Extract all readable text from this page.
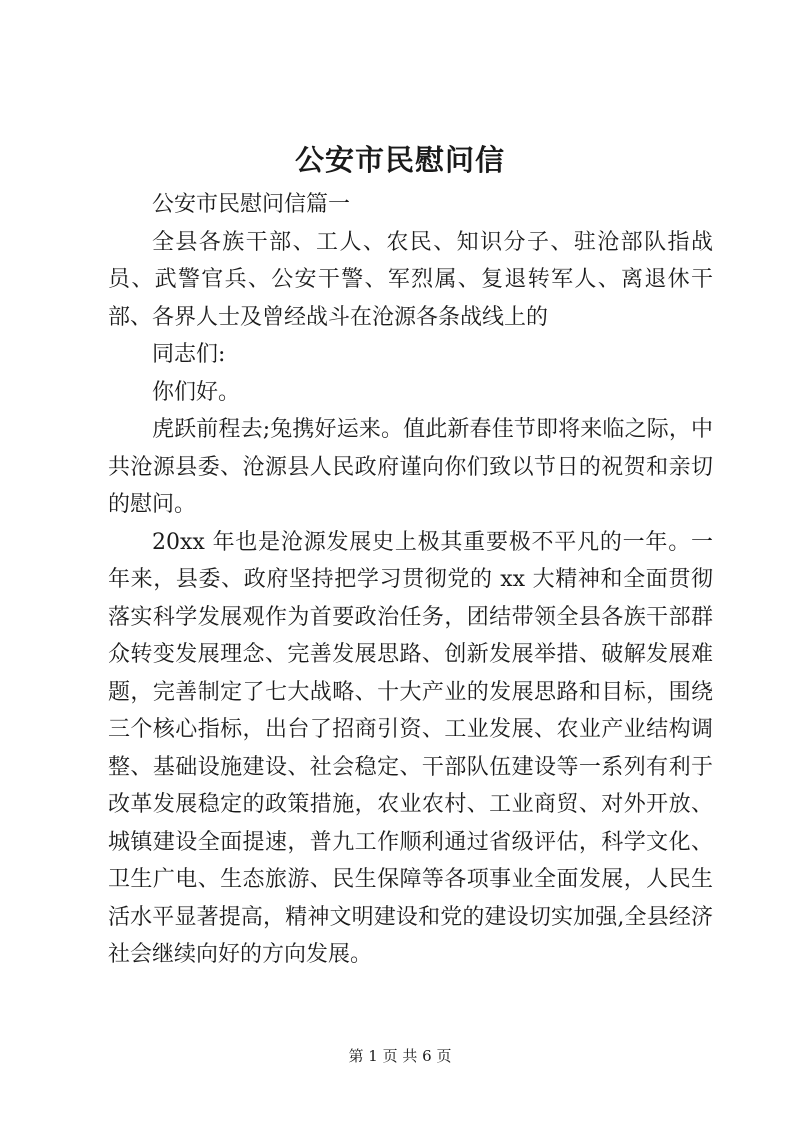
公安市民慰问信

公安市民慰问信篇一

全县各族干部、工人、农民、知识分子、驻沧部队指战员、武警官兵、公安干警、军烈属、复退转军人、离退休干部、各界人士及曾经战斗在沧源各条战线上的

同志们:

你们好。

虎跃前程去;兔携好运来。值此新春佳节即将来临之际，中共沧源县委、沧源县人民政府谨向你们致以节日的祝贺和亲切的慰问。

20xx 年也是沧源发展史上极其重要极不平凡的一年。一年来，县委、政府坚持把学习贯彻党的 xx 大精神和全面贯彻落实科学发展观作为首要政治任务，团结带领全县各族干部群众转变发展理念、完善发展思路、创新发展举措、破解发展难题，完善制定了七大战略、十大产业的发展思路和目标，围绕三个核心指标，出台了招商引资、工业发展、农业产业结构调整、基础设施建设、社会稳定、干部队伍建设等一系列有利于改革发展稳定的政策措施，农业农村、工业商贸、对外开放、城镇建设全面提速，普九工作顺利通过省级评估，科学文化、卫生广电、生态旅游、民生保障等各项事业全面发展，人民生活水平显著提高，精神文明建设和党的建设切实加强,全县经济社会继续向好的方向发展。

第 1 页 共 6 页
